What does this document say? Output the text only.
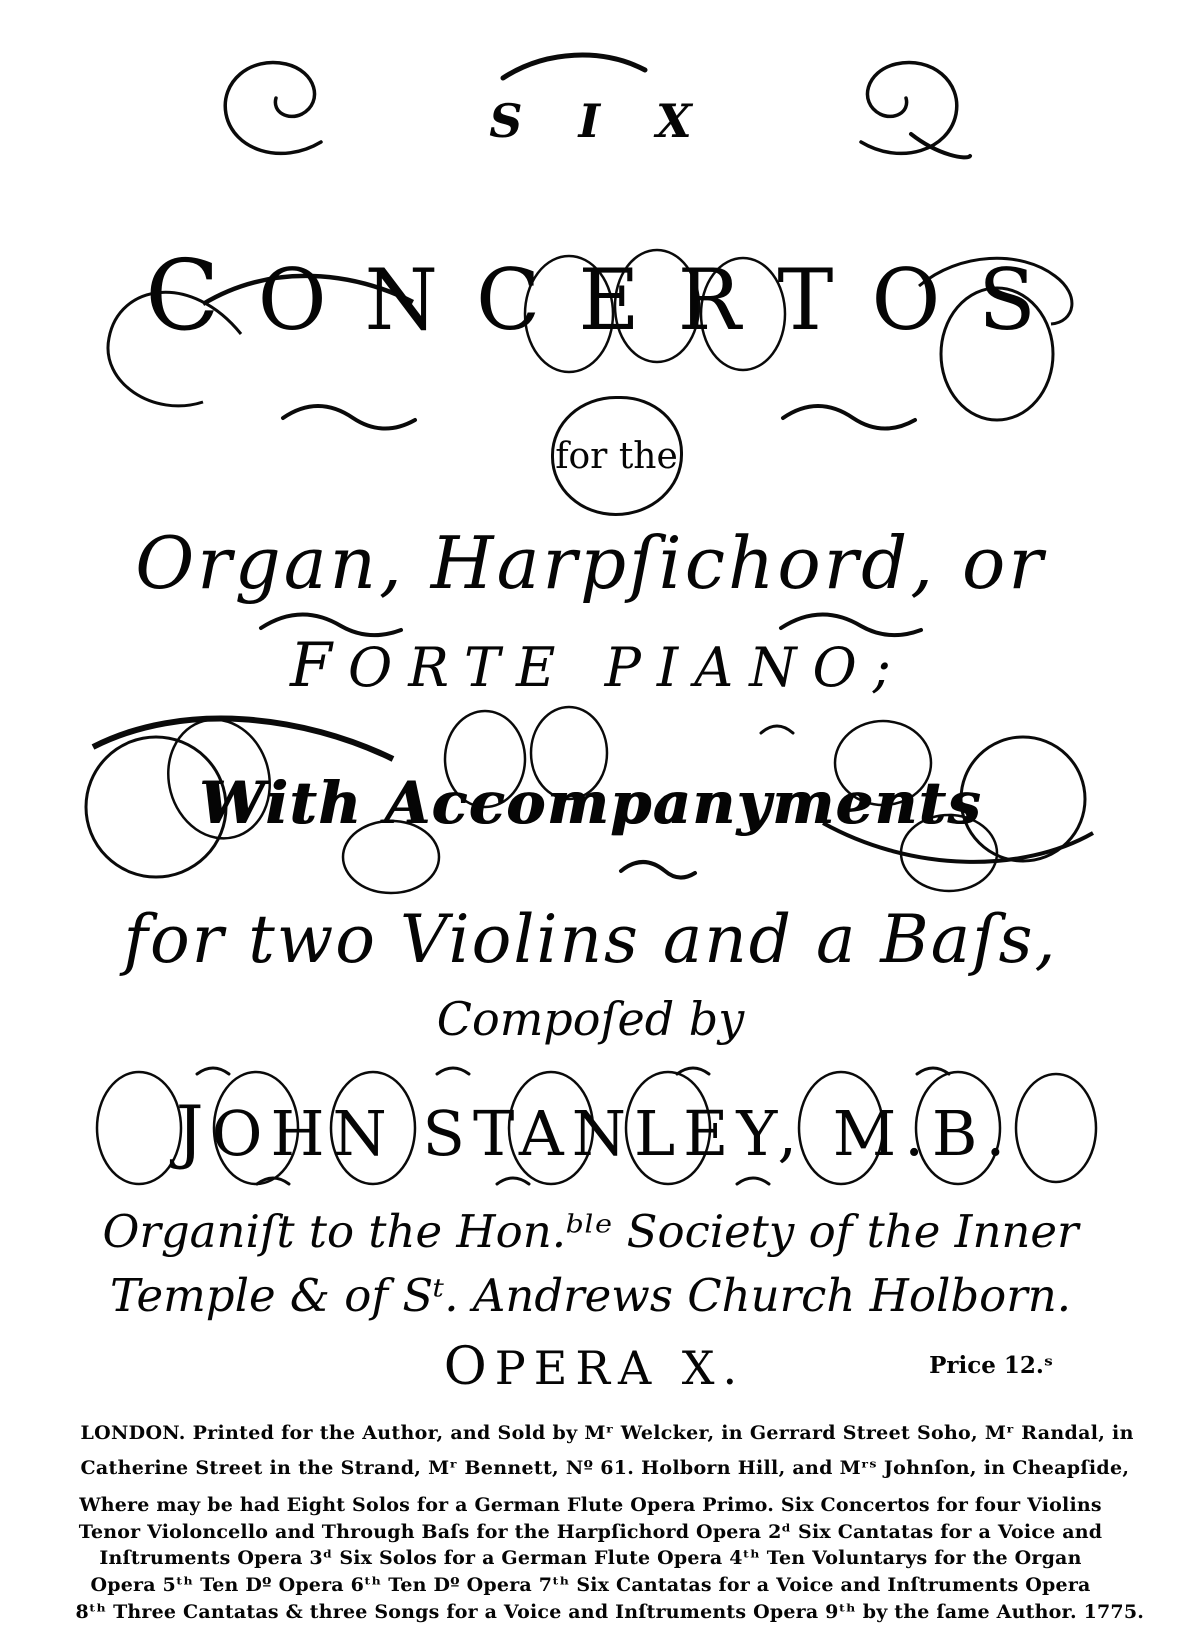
SIX
CONCERTOS
for the
Organ, Harpſichord, or
FORTE PIANO;
With Accompanyments
for two Violins and a Baſs,
Compoſed by
JOHN STANLEY, M.B.
Organiſt to the Hon.ᵇˡᵉ Society of the Inner
Temple & of Sᵗ. Andrews Church Holborn.
OPERA X.	Price 12.ˢ
LONDON. Printed for the Author, and Sold by Mʳ Welcker, in Gerrard Street Soho, Mʳ Randal, in
Catherine Street in the Strand, Mʳ Bennett, Nº 61. Holborn Hill, and Mʳˢ Johnſon, in Cheapſide,
Where may be had Eight Solos for a German Flute Opera Primo. Six Concertos for four Violins
Tenor Violoncello and Through Baſs for the Harpſichord Opera 2ᵈ Six Cantatas for a Voice and
Inſtruments Opera 3ᵈ Six Solos for a German Flute Opera 4ᵗʰ Ten Voluntarys for the Organ
Opera 5ᵗʰ Ten Dº Opera 6ᵗʰ Ten Dº Opera 7ᵗʰ Six Cantatas for a Voice and Inſtruments Opera
8ᵗʰ Three Cantatas & three Songs for a Voice and Inſtruments Opera 9ᵗʰ by the ſame Author. 1775.
